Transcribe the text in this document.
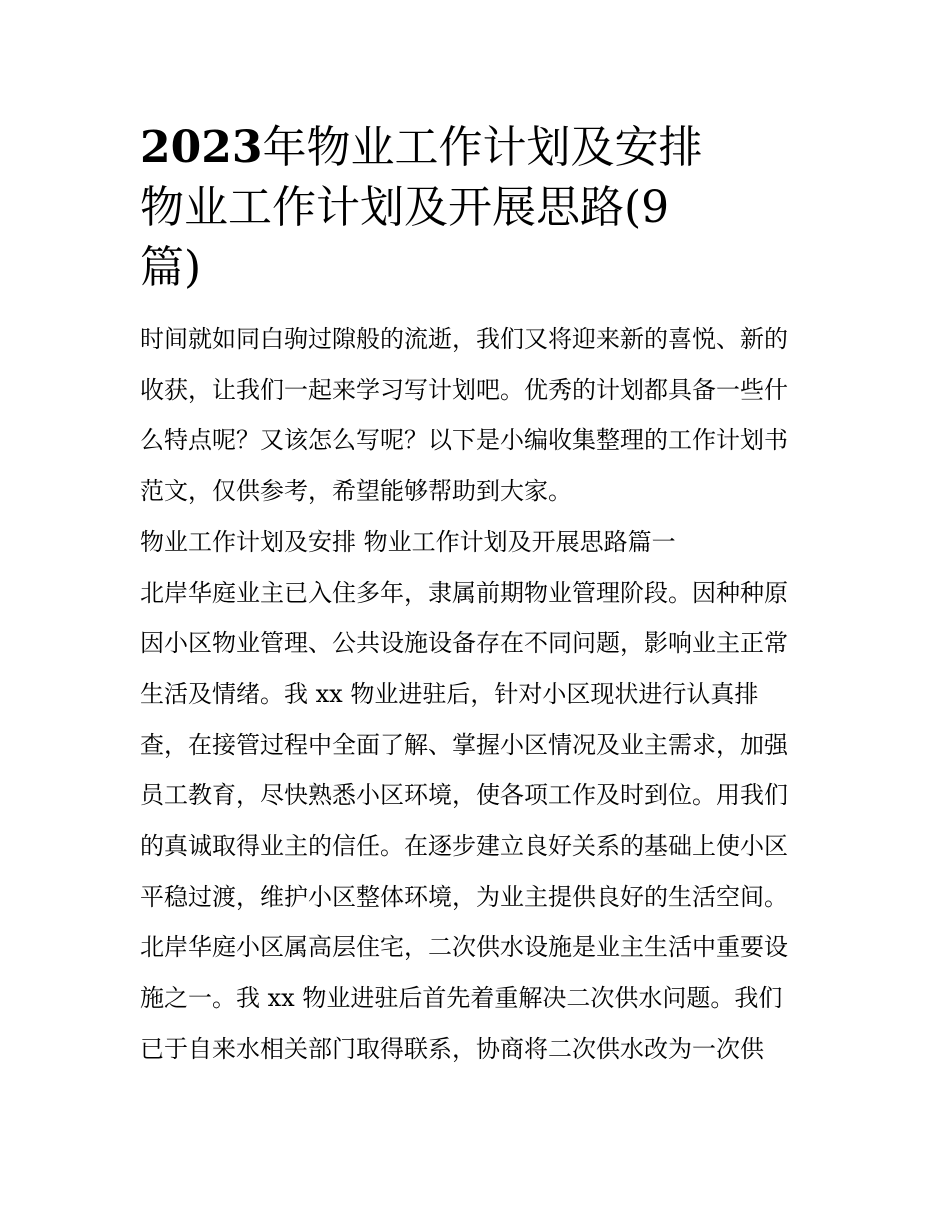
2023年物业工作计划及安排
物业工作计划及开展思路(9
篇)
时间就如同白驹过隙般的流逝，我们又将迎来新的喜悦、新的
收获，让我们一起来学习写计划吧。优秀的计划都具备一些什
么特点呢？又该怎么写呢？以下是小编收集整理的工作计划书
范文，仅供参考，希望能够帮助到大家。
物业工作计划及安排 物业工作计划及开展思路篇一
北岸华庭业主已入住多年，隶属前期物业管理阶段。因种种原
因小区物业管理、公共设施设备存在不同问题，影响业主正常
生活及情绪。我 xx 物业进驻后，针对小区现状进行认真排
查，在接管过程中全面了解、掌握小区情况及业主需求，加强
员工教育，尽快熟悉小区环境，使各项工作及时到位。用我们
的真诚取得业主的信任。在逐步建立良好关系的基础上使小区
平稳过渡，维护小区整体环境，为业主提供良好的生活空间。
北岸华庭小区属高层住宅，二次供水设施是业主生活中重要设
施之一。我 xx 物业进驻后首先着重解决二次供水问题。我们
已于自来水相关部门取得联系，协商将二次供水改为一次供
